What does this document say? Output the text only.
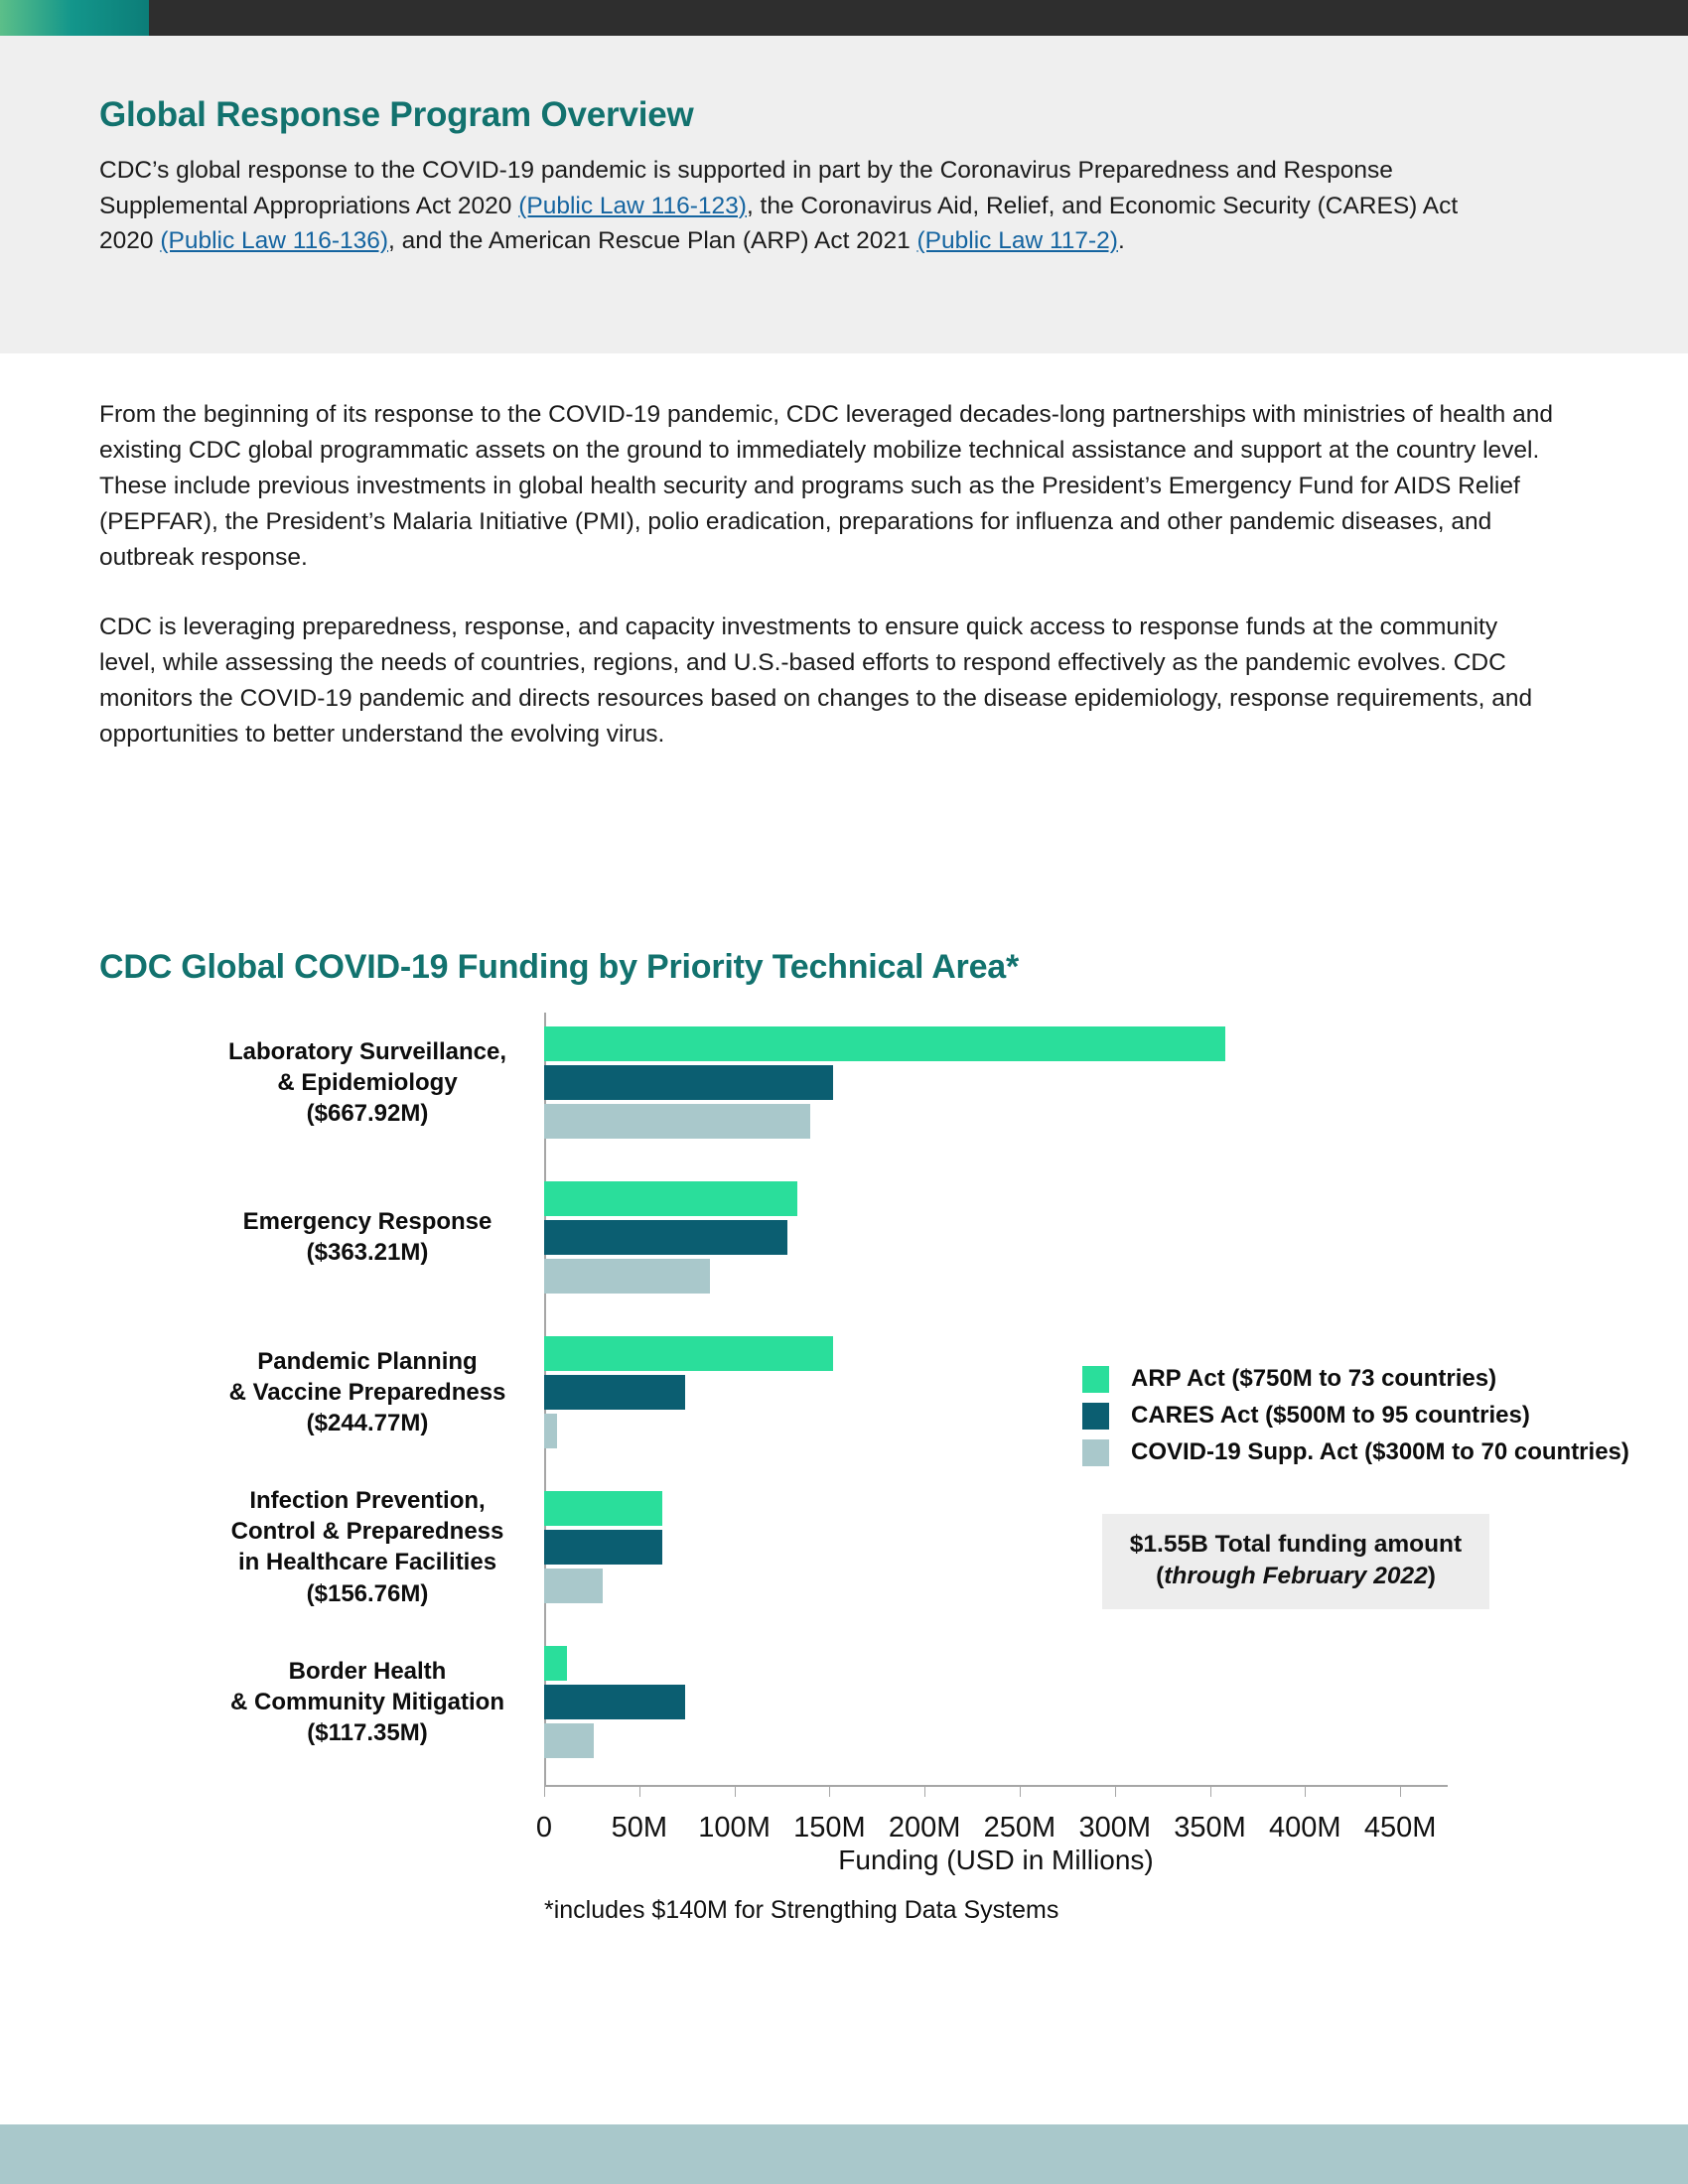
Global Response Program Overview

CDC’s global response to the COVID-19 pandemic is supported in part by the Coronavirus Preparedness and Response Supplemental Appropriations Act 2020 (Public Law 116-123), the Coronavirus Aid, Relief, and Economic Security (CARES) Act 2020 (Public Law 116-136), and the American Rescue Plan (ARP) Act 2021 (Public Law 117-2).

From the beginning of its response to the COVID-19 pandemic, CDC leveraged decades-long partnerships with ministries of health and existing CDC global programmatic assets on the ground to immediately mobilize technical assistance and support at the country level. These include previous investments in global health security and programs such as the President’s Emergency Fund for AIDS Relief (PEPFAR), the President’s Malaria Initiative (PMI), polio eradication, preparations for influenza and other pandemic diseases, and outbreak response.

CDC is leveraging preparedness, response, and capacity investments to ensure quick access to response funds at the community level, while assessing the needs of countries, regions, and U.S.-based efforts to respond effectively as the pandemic evolves. CDC monitors the COVID-19 pandemic and directs resources based on changes to the disease epidemiology, response requirements, and opportunities to better understand the evolving virus.

CDC Global COVID-19 Funding by Priority Technical Area*
Laboratory Surveillance,
& Epidemiology
($667.92M)
Emergency Response
($363.21M)
Pandemic Planning
& Vaccine Preparedness
($244.77M)
Infection Prevention,
Control & Preparedness
in Healthcare Facilities
($156.76M)
Border Health
& Community Mitigation
($117.35M)
0 50M 100M 150M 200M 250M 300M 350M 400M 450M
ARP Act ($750M to 73 countries)
CARES Act ($500M to 95 countries)
COVID-19 Supp. Act ($300M to 70 countries)
$1.55B Total funding amount
(through February 2022)
Funding (USD in Millions)
*includes $140M for Strengthing Data Systems
